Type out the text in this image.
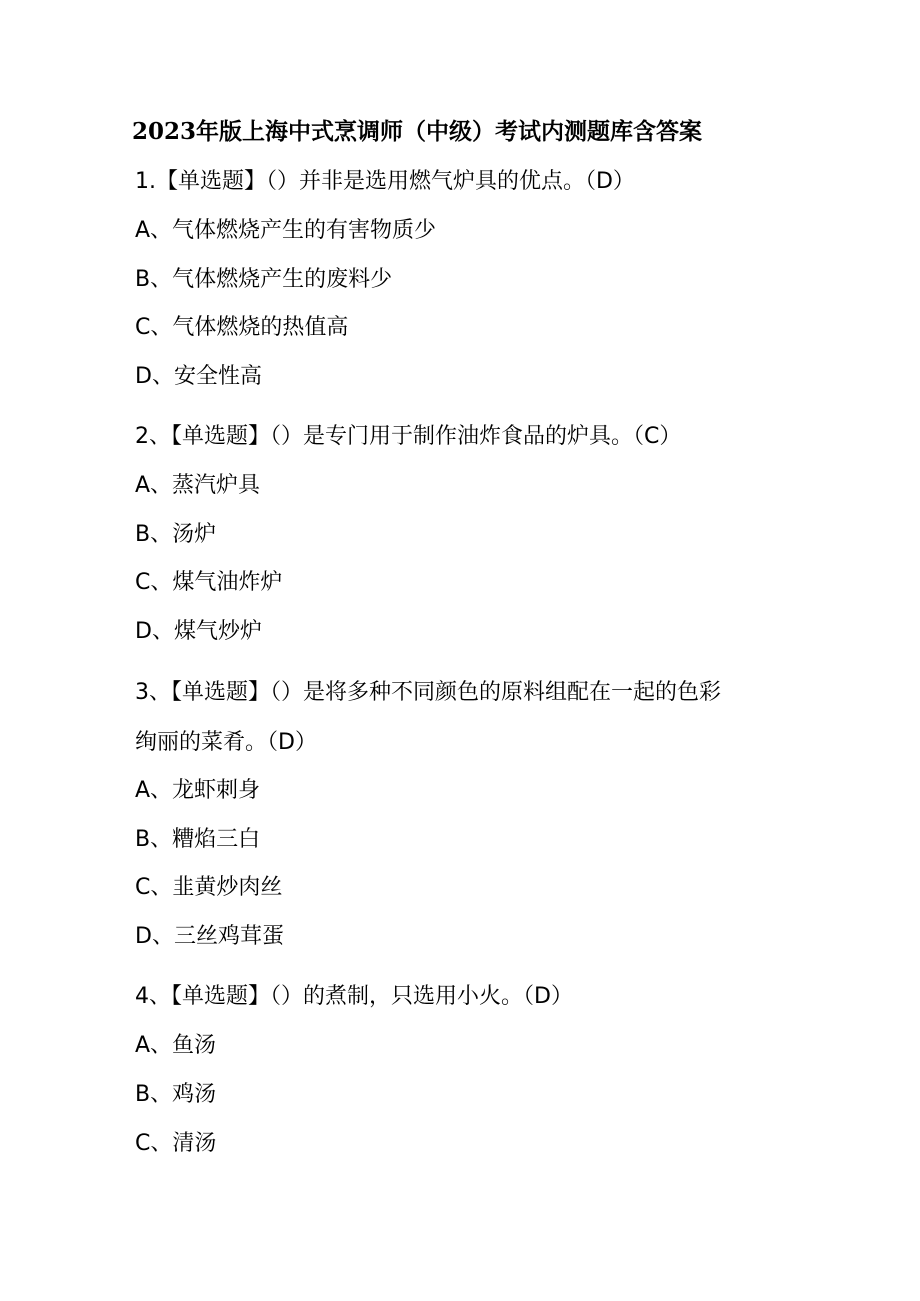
2023年版上海中式烹调师（中级）考试内测题库含答案
1.【单选题】（）并非是选用燃气炉具的优点。（D）
A、气体燃烧产生的有害物质少
B、气体燃烧产生的废料少
C、气体燃烧的热值高
D、安全性高
2、【单选题】（）是专门用于制作油炸食品的炉具。（C）
A、蒸汽炉具
B、汤炉
C、煤气油炸炉
D、煤气炒炉
3、【单选题】（）是将多种不同颜色的原料组配在一起的色彩
绚丽的菜肴。（D）
A、龙虾刺身
B、糟焰三白
C、韭黄炒肉丝
D、三丝鸡茸蛋
4、【单选题】（）的煮制，只选用小火。（D）
A、鱼汤
B、鸡汤
C、清汤
